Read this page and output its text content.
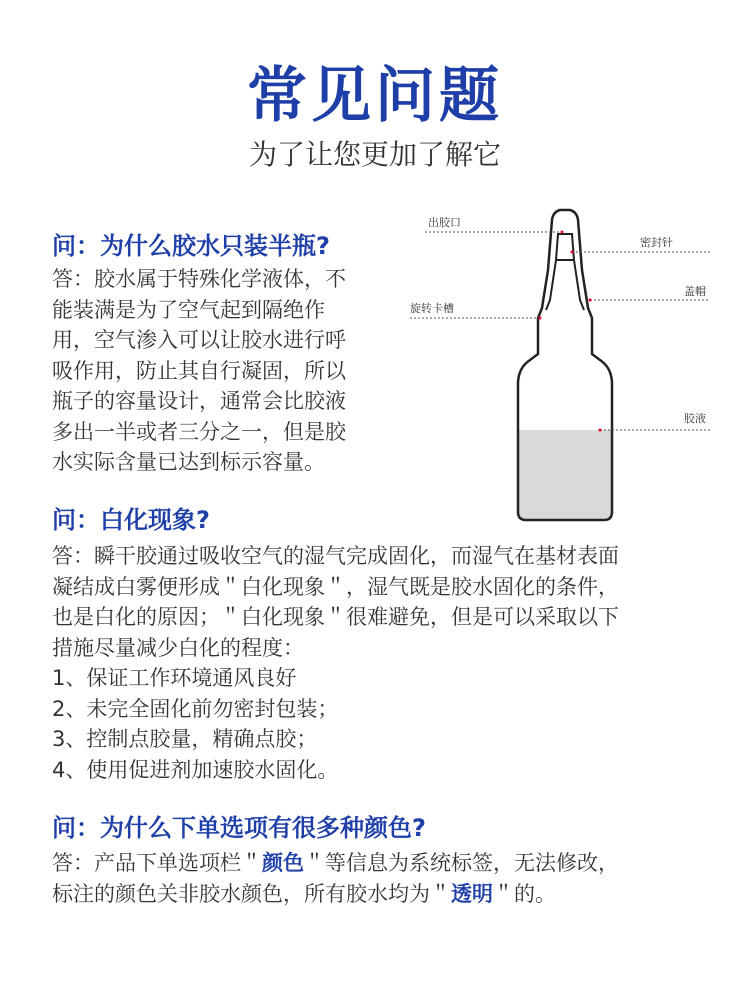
常见问题
为了让您更加了解它
问：为什么胶水只装半瓶?

答：胶水属于特殊化学液体，不

能装满是为了空气起到隔绝作

用，空气渗入可以让胶水进行呼

吸作用，防止其自行凝固，所以

瓶子的容量设计，通常会比胶液

多出一半或者三分之一，但是胶

水实际含量已达到标示容量。

出胶口
密封针
盖帽
旋转卡槽
胶液
问：白化现象?

答：瞬干胶通过吸收空气的湿气完成固化，而湿气在基材表面

凝结成白雾便形成＂白化现象＂，湿气既是胶水固化的条件，

也是白化的原因；＂白化现象＂很难避免，但是可以采取以下

措施尽量减少白化的程度：

1、保证工作环境通风良好

2、未完全固化前勿密封包装；

3、控制点胶量，精确点胶；

4、使用促进剂加速胶水固化。

问：为什么下单选项有很多种颜色?

答：产品下单选项栏＂颜色＂等信息为系统标签，无法修改，

标注的颜色关非胶水颜色，所有胶水均为＂透明＂的。
